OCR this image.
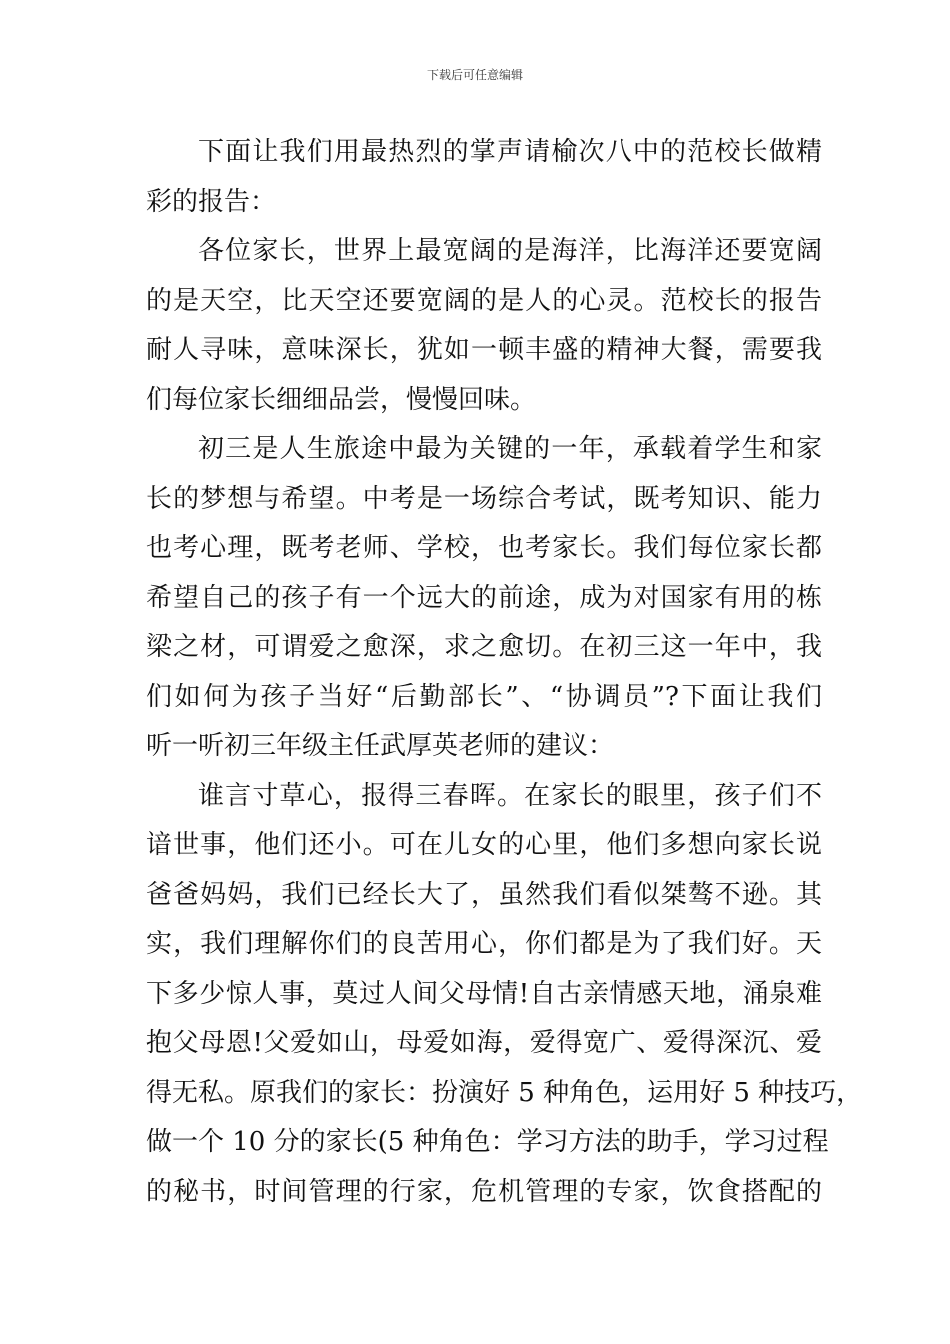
下载后可任意编辑
下面让我们用最热烈的掌声请榆次八中的范校长做精
彩的报告：
各位家长，世界上最宽阔的是海洋，比海洋还要宽阔
的是天空，比天空还要宽阔的是人的心灵。范校长的报告
耐人寻味，意味深长，犹如一顿丰盛的精神大餐，需要我
们每位家长细细品尝，慢慢回味。
初三是人生旅途中最为关键的一年，承载着学生和家
长的梦想与希望。中考是一场综合考试，既考知识、能力
也考心理，既考老师、学校，也考家长。我们每位家长都
希望自己的孩子有一个远大的前途，成为对国家有用的栋
梁之材，可谓爱之愈深，求之愈切。在初三这一年中，我
们如何为孩子当好“后勤部长”、“协调员”?下面让我们
听一听初三年级主任武厚英老师的建议：
谁言寸草心，报得三春晖。在家长的眼里，孩子们不
谙世事，他们还小。可在儿女的心里，他们多想向家长说
爸爸妈妈，我们已经长大了，虽然我们看似桀骜不逊。其
实，我们理解你们的良苦用心，你们都是为了我们好。天
下多少惊人事，莫过人间父母情!自古亲情感天地，涌泉难
抱父母恩!父爱如山，母爱如海，爱得宽广、爱得深沉、爱
得无私。原我们的家长：扮演好 5 种角色，运用好 5 种技巧，
做一个 10 分的家长(5 种角色：学习方法的助手，学习过程
的秘书，时间管理的行家，危机管理的专家，饮食搭配的
